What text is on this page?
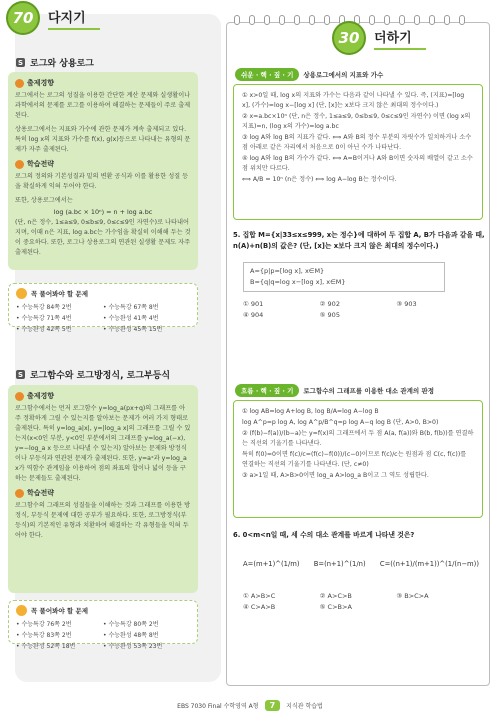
70	다지기
S 로그와 상용로그
출제경향
로그에서는 로그의 성질을 이용한 간단한 계산 문제와 실생활이나 과학에서의 문제를 로그를 이용하여 해결하는 문제들이 주로 출제된다.
상용로그에서는 지표와 가수에 관한 문제가 계속 출제되고 있다. 특히 log x의 지표와 가수를 f(x), g(x)등으로 나타내는 유형의 문제가 자주 출제된다.
학습전략
로그의 정의와 기본성질과 밑의 변환 공식과 이를 활용한 성질 등을 확실하게 익혀 두어야 한다.
또한, 상용로그에서는
log (a.bc × 10ⁿ) = n + log a.bc
(단, n은 정수, 1≤a≤9, 0≤b≤9, 0≤c≤9인 자연수)로 나타내어지며, 이때 n은 지표, log a.bc는 가수임을 확실히 이해해 두는 것이 중요하다. 또한, 로그나 상용로그의 연관된 실생활 문제도 자주 출제된다.
꼭 풀어봐야 할 문제
• 수능특강 84쪽 2번	• 수능특강 67쪽 8번
• 수능특강 71쪽 4번	• 수능완성 41쪽 4번
• 수능완성 42쪽 5번	• 수능완성 45쪽 15번
S 로그함수와 로그방정식, 로그부등식
출제경향
로그함수에서는 먼저 로그함수 y=log_a(px+q)의 그래프를 아주 정확하게 그릴 수 있는지를 알아보는 문제가 여러 가지 형태로 출제된다. 특히 y=log_a|x|, y=|log_a x|의 그래프를 그릴 수 있는지(x<0인 부분, y<0인 부분에서의 그래프를 y=log_a(−x), y=−log_a x 등으로 나타낼 수 있는지) 알아보는 문제와 방정식이나 부등식과 연관된 문제가 출제된다. 또한, y=aˣ과 y=log_a x가 역함수 관계임을 이용하여 점의 좌표의 합이나 넓이 등을 구하는 문제들도 출제된다.
학습전략
로그함수의 그래프의 성질들을 이해하는 것과 그래프를 이용한 방정식, 부등식 문제에 대한 공부가 필요하다. 또한, 로그방정식(부등식)의 기본적인 유형과 치환하여 해결하는 각 유형들을 익혀 두어야 한다.
꼭 풀어봐야 할 문제
• 수능특강 76쪽 2번	• 수능특강 80쪽 2번
• 수능특강 83쪽 2번	• 수능완성 48쪽 8번
• 수능완성 52쪽 18번	• 수능완성 53쪽 23번
30	더하기
쉬운 · 핵 · 짚 · 기	상용로그에서의 지표와 가수

① x>0일 때, log x의 지표와 가수는 다음과 같이 나타낼 수 있다. 즉, (지표)=[log x], (가수)=log x−[log x] (단, [x]는 x보다 크지 않은 최대의 정수이다.)

② x=a.bc×10ⁿ (단, n은 정수, 1≤a≤9, 0≤b≤9, 0≤c≤9인 자연수) 이면 (log x의 지표)=n, (log x의 가수)=log a.bc

③ log A와 log B의 지표가 같다. ⟺ A와 B의 정수 부분의 자릿수가 일치하거나 소수점 아래로 같은 자리에서 처음으로 0이 아닌 수가 나타난다.

④ log A와 log B의 가수가 같다. ⟺ A=B이거나 A와 B이면 숫자의 배열이 같고 소수점 위치만 다르다.

⟺ A/B = 10ⁿ (n은 정수) ⟺ log A−log B는 정수이다.

5. 집합 M={x|33≤x≤999, x는 정수}에 대하여 두 집합 A, B가 다음과 같을 때, n(A)+n(B)의 값은? (단, [x]는 x보다 크지 않은 최대의 정수이다.)
A={p|p=[log x], x∈M}
B={q|q=log x−[log x], x∈M}
① 901	② 902	③ 903
④ 904	⑤ 905
흐름 · 핵 · 짚 · 기	로그함수의 그래프를 이용한 대소 관계의 판정

① log AB=log A+log B, log B/A=log A−log B

log A^p=p log A, log A^p/B^q=p log A−q log B (단, A>0, B>0)

② (f(b)−f(a))/(b−a)는 y=f(x)의 그래프에서 두 점 A(a, f(a))와 B(b, f(b))를 연결하는 직선의 기울기를 나타낸다.

특히 f(0)=0이면 f(c)/c=(f(c)−f(0))/(c−0)이므로 f(c)/c는 원점과 점 C(c, f(c))를 연결하는 직선의 기울기를 나타낸다. (단, c≠0)

③ a>1일 때, A>B>0이면 log_a A>log_a B이고 그 역도 성립한다.

6. 0<m<n일 때, 세 수의 대소 관계를 바르게 나타낸 것은?
A=(m+1)^(1/m) B=(n+1)^(1/n) C=((n+1)/(m+1))^(1/(n−m))
① A>B>C	② A>C>B	③ B>C>A
④ C>A>B	⑤ C>B>A
EBS 7030 Final 수학영역 A형	7	지식관 학습법
